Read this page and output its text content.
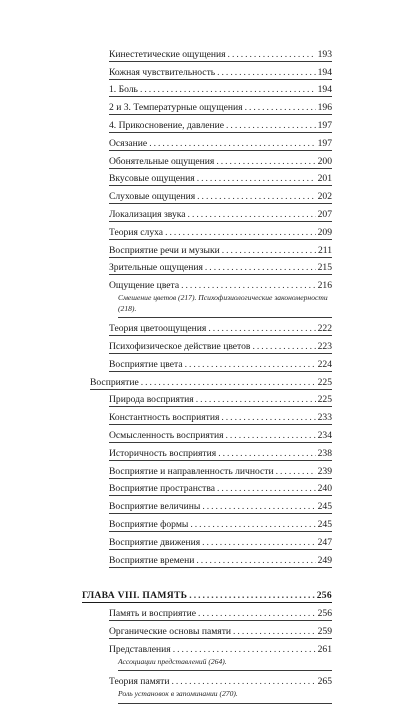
Кинестетические ощущения . . .	193
Кожная чувствительность . . .	194
1. Боль . . .	194
2 и 3. Температурные ощущения . . .	196
4. Прикосновение, давление . . .	197
Осязание . . .	197
Обонятельные ощущения . . .	200
Вкусовые ощущения . . .	201
Слуховые ощущения . . .	202
Локализация звука . . .	207
Теория слуха . . .	209
Восприятие речи и музыки . . .	211
Зрительные ощущения . . .	215
Ощущение цвета . . .	216
Смешение цветов (217). Психофизиологические закономерности (218).
Теория цветоощущения . . .	222
Психофизическое действие цветов . . .	223
Восприятие цвета . . .	224
Восприятие . . .	225
Природа восприятия . . .	225
Константность восприятия . . .	233
Осмысленность восприятия . . .	234
Историчность восприятия . . .	238
Восприятие и направленность личности . . .	239
Восприятие пространства . . .	240
Восприятие величины . . .	245
Восприятие формы . . .	245
Восприятие движения . . .	247
Восприятие времени . . .	249
ГЛАВА VIII. ПАМЯТЬ . . .	256
Память и восприятие . . .	256
Органические основы памяти . . .	259
Представления . . .	261
Ассоциации представлений (264).
Теория памяти . . .	265
Роль установок в запоминании (270).
